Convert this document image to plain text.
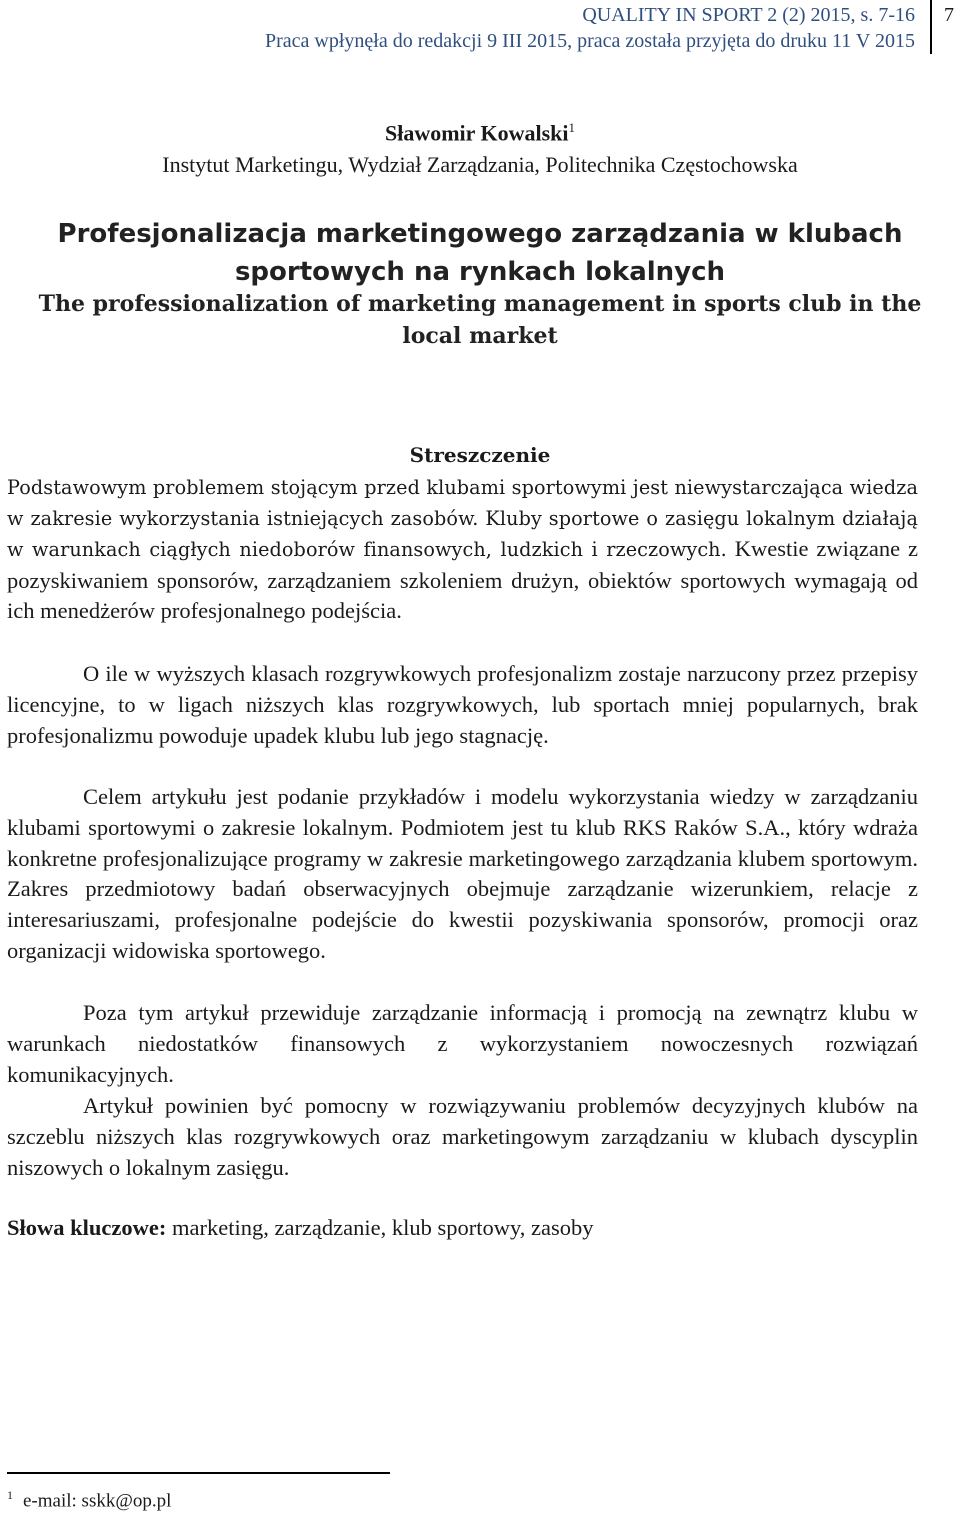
QUALITY IN SPORT 2 (2) 2015, s. 7-16
Praca wpłynęła do redakcji 9 III 2015, praca została przyjęta do druku 11 V 2015
7
Sławomir Kowalski$^1$
Instytut Marketingu, Wydział Zarządzania, Politechnika Częstochowska
Profesjonalizacja marketingowego zarządzania w klubach
sportowych na rynkach lokalnych
The professionalization of marketing management in sports club in the
local market
Streszczenie

Podstawowym problemem stojącym przed klubami sportowymi jest niewystarczająca wiedza w zakresie wykorzystania istniejących zasobów. Kluby sportowe o zasięgu lokalnym działają w warunkach ciągłych niedoborów finansowych, ludzkich i rzeczowych. Kwestie związane z pozyskiwaniem sponsorów, zarządzaniem szkoleniem drużyn, obiektów sportowych wymagają od ich menedżerów profesjonalnego podejścia.

O ile w wyższych klasach rozgrywkowych profesjonalizm zostaje narzucony przez przepisy licencyjne, to w ligach niższych klas rozgrywkowych, lub sportach mniej popularnych, brak profesjonalizmu powoduje upadek klubu lub jego stagnację.

Celem artykułu jest podanie przykładów i modelu wykorzystania wiedzy w zarządzaniu klubami sportowymi o zakresie lokalnym. Podmiotem jest tu klub RKS Raków S.A., który wdraża konkretne profesjonalizujące programy w zakresie marketingowego zarządzania klubem sportowym. Zakres przedmiotowy badań obserwacyjnych obejmuje zarządzanie wizerunkiem, relacje z interesariuszami, profesjonalne podejście do kwestii pozyskiwania sponsorów, promocji oraz organizacji widowiska sportowego.

Poza tym artykuł przewiduje zarządzanie informacją i promocją na zewnątrz klubu w warunkach niedostatków finansowych z wykorzystaniem nowoczesnych rozwiązań komunikacyjnych.

Artykuł powinien być pomocny w rozwiązywaniu problemów decyzyjnych klubów na szczeblu niższych klas rozgrywkowych oraz marketingowym zarządzaniu w klubach dyscyplin niszowych o lokalnym zasięgu.

Słowa kluczowe: marketing, zarządzanie, klub sportowy, zasoby
$^1$ e-mail: sskk@op.pl
